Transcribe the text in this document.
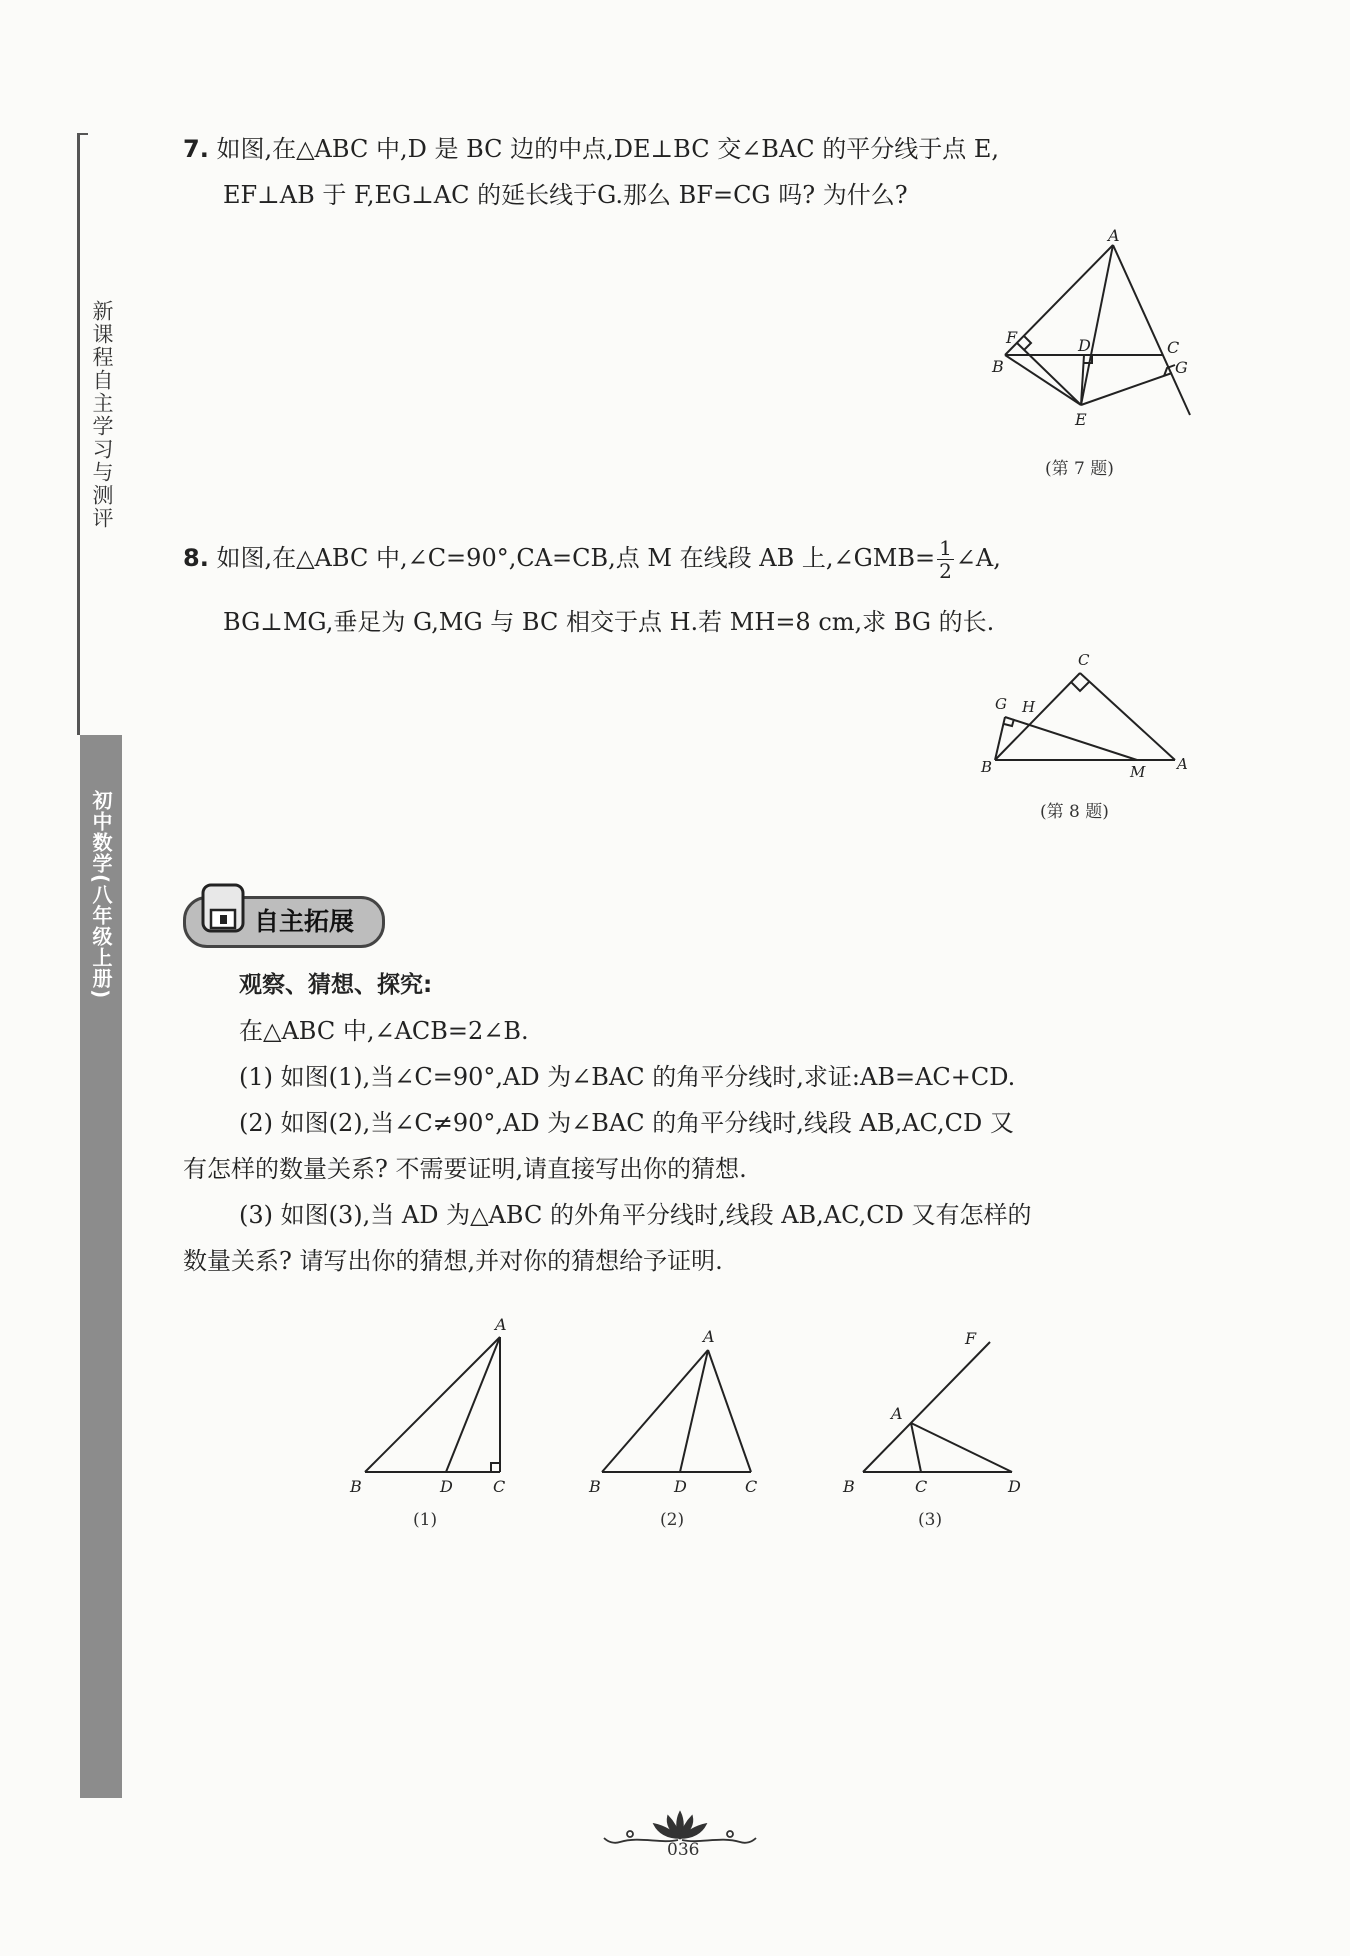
新课程自主学习与测评
初中数学(八年级上册)
7. 如图,在△ABC 中,D 是 BC 边的中点,DE⊥BC 交∠BAC 的平分线于点 E,
EF⊥AB 于 F,EG⊥AC 的延长线于G.那么 BF=CG 吗? 为什么?
A
B
C
D
E
F
G
(第 7 题)
8. 如图,在△ABC 中,∠C=90°,CA=CB,点 M 在线段 AB 上,∠GMB= $\frac{1}{2}$ ∠A,
BG⊥MG,垂足为 G,MG 与 BC 相交于点 H.若 MH=8 cm,求 BG 的长.
C
G H
B	M A
(第 8 题)
自主拓展
观察、猜想、探究:
在△ABC 中,∠ACB=2∠B.
(1) 如图(1),当∠C=90°,AD 为∠BAC 的角平分线时,求证:AB=AC+CD.
(2) 如图(2),当∠C≠90°,AD 为∠BAC 的角平分线时,线段 AB,AC,CD 又
有怎样的数量关系? 不需要证明,请直接写出你的猜想.
(3) 如图(3),当 AD 为△ABC 的外角平分线时,线段 AB,AC,CD 又有怎样的
数量关系? 请写出你的猜想,并对你的猜想给予证明.
A
B	D	C
(1)
A
B	D	C
(2)
F
A
B	C	D
(3)
036
